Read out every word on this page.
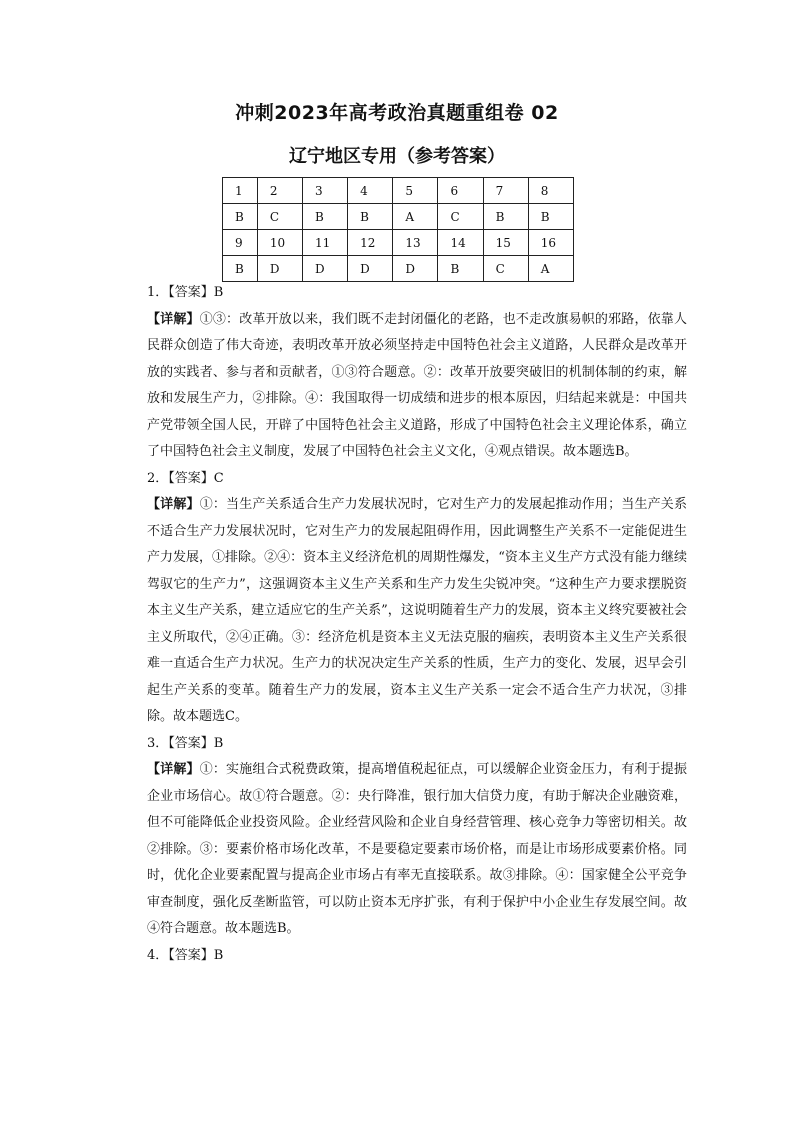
冲刺2023年高考政治真题重组卷 02
辽宁地区专用（参考答案）
1	2	3	4	5	6	7	8
B	C	B	B	A	C	B	B
9	10	11	12	13	14	15	16
B	D	D	D	D	B	C	A

1．【答案】B

【详解】①③：改革开放以来，我们既不走封闭僵化的老路，也不走改旗易帜的邪路，依靠人民群众创造了伟大奇迹，表明改革开放必须坚持走中国特色社会主义道路，人民群众是改革开放的实践者、参与者和贡献者，①③符合题意。②：改革开放要突破旧的机制体制的约束，解放和发展生产力，②排除。④：我国取得一切成绩和进步的根本原因，归结起来就是：中国共产党带领全国人民，开辟了中国特色社会主义道路，形成了中国特色社会主义理论体系，确立了中国特色社会主义制度，发展了中国特色社会主义文化，④观点错误。故本题选B。

2．【答案】C

【详解】①：当生产关系适合生产力发展状况时，它对生产力的发展起推动作用；当生产关系不适合生产力发展状况时，它对生产力的发展起阻碍作用，因此调整生产关系不一定能促进生产力发展，①排除。②④：资本主义经济危机的周期性爆发，“资本主义生产方式没有能力继续驾驭它的生产力”，这强调资本主义生产关系和生产力发生尖锐冲突。“这种生产力要求摆脱资本主义生产关系，建立适应它的生产关系”，这说明随着生产力的发展，资本主义终究要被社会主义所取代，②④正确。③：经济危机是资本主义无法克服的痼疾，表明资本主义生产关系很难一直适合生产力状况。生产力的状况决定生产关系的性质，生产力的变化、发展，迟早会引起生产关系的变革。随着生产力的发展，资本主义生产关系一定会不适合生产力状况，③排除。故本题选C。

3．【答案】B

【详解】①：实施组合式税费政策，提高增值税起征点，可以缓解企业资金压力，有利于提振企业市场信心。故①符合题意。②：央行降准，银行加大信贷力度，有助于解决企业融资难，但不可能降低企业投资风险。企业经营风险和企业自身经营管理、核心竞争力等密切相关。故②排除。③：要素价格市场化改革，不是要稳定要素市场价格，而是让市场形成要素价格。同时，优化企业要素配置与提高企业市场占有率无直接联系。故③排除。④：国家健全公平竞争审查制度，强化反垄断监管，可以防止资本无序扩张，有利于保护中小企业生存发展空间。故④符合题意。故本题选B。

4．【答案】B
